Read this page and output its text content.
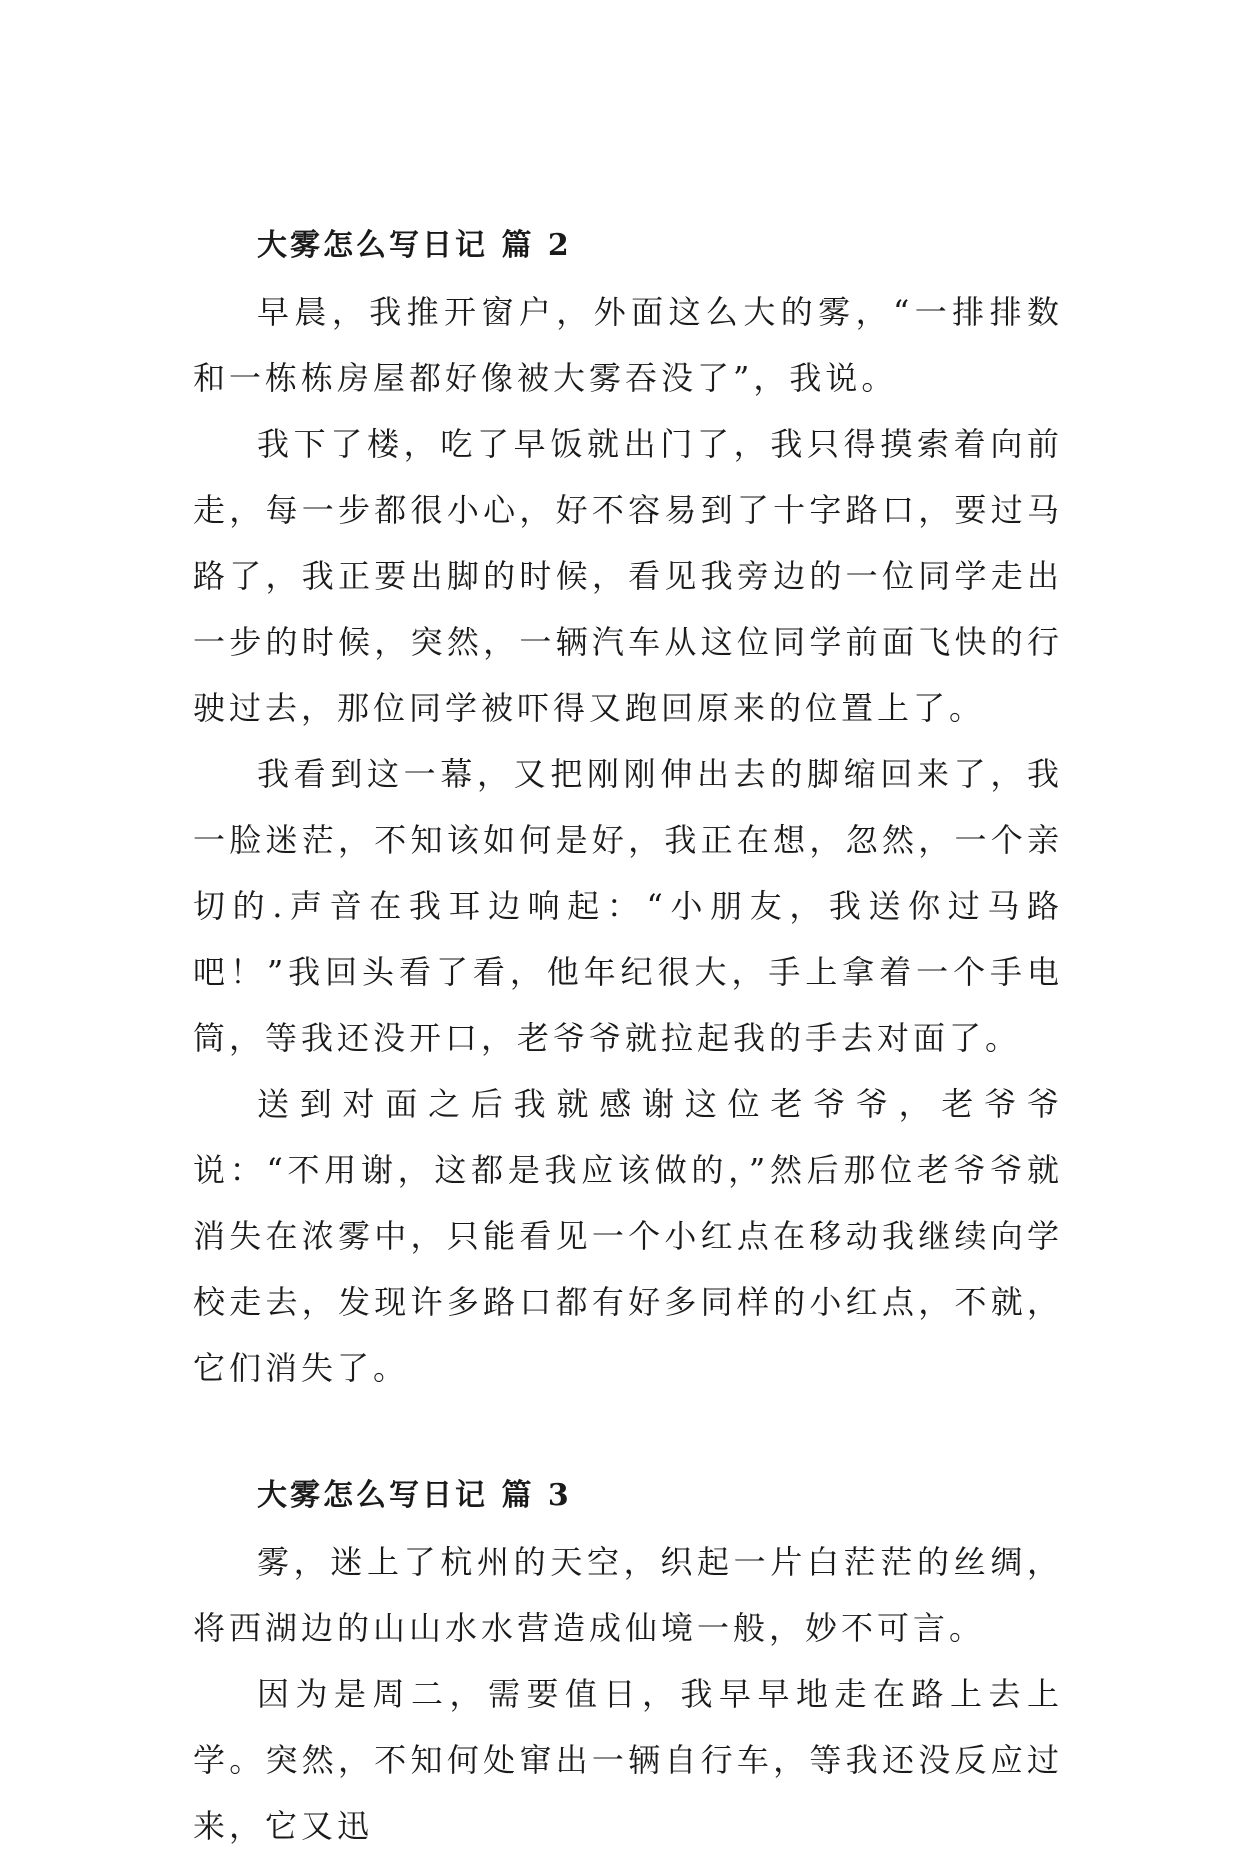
大雾怎么写日记 篇 2

早晨，我推开窗户，外面这么大的雾，“一排排数和一栋栋房屋都好像被大雾吞没了”，我说。

我下了楼，吃了早饭就出门了，我只得摸索着向前走，每一步都很小心，好不容易到了十字路口，要过马路了，我正要出脚的时候，看见我旁边的一位同学走出一步的时候，突然，一辆汽车从这位同学前面飞快的行驶过去，那位同学被吓得又跑回原来的位置上了。

我看到这一幕，又把刚刚伸出去的脚缩回来了，我一脸迷茫，不知该如何是好，我正在想，忽然，一个亲切的.声音在我耳边响起：“小朋友，我送你过马路吧！”我回头看了看，他年纪很大，手上拿着一个手电筒，等我还没开口，老爷爷就拉起我的手去对面了。

送到对面之后我就感谢这位老爷爷，老爷爷说：“不用谢，这都是我应该做的，”然后那位老爷爷就消失在浓雾中，只能看见一个小红点在移动我继续向学校走去，发现许多路口都有好多同样的小红点，不就，它们消失了。

大雾怎么写日记 篇 3

雾，迷上了杭州的天空，织起一片白茫茫的丝绸，将西湖边的山山水水营造成仙境一般，妙不可言。

因为是周二，需要值日，我早早地走在路上去上学。突然，不知何处窜出一辆自行车，等我还没反应过来，它又迅
